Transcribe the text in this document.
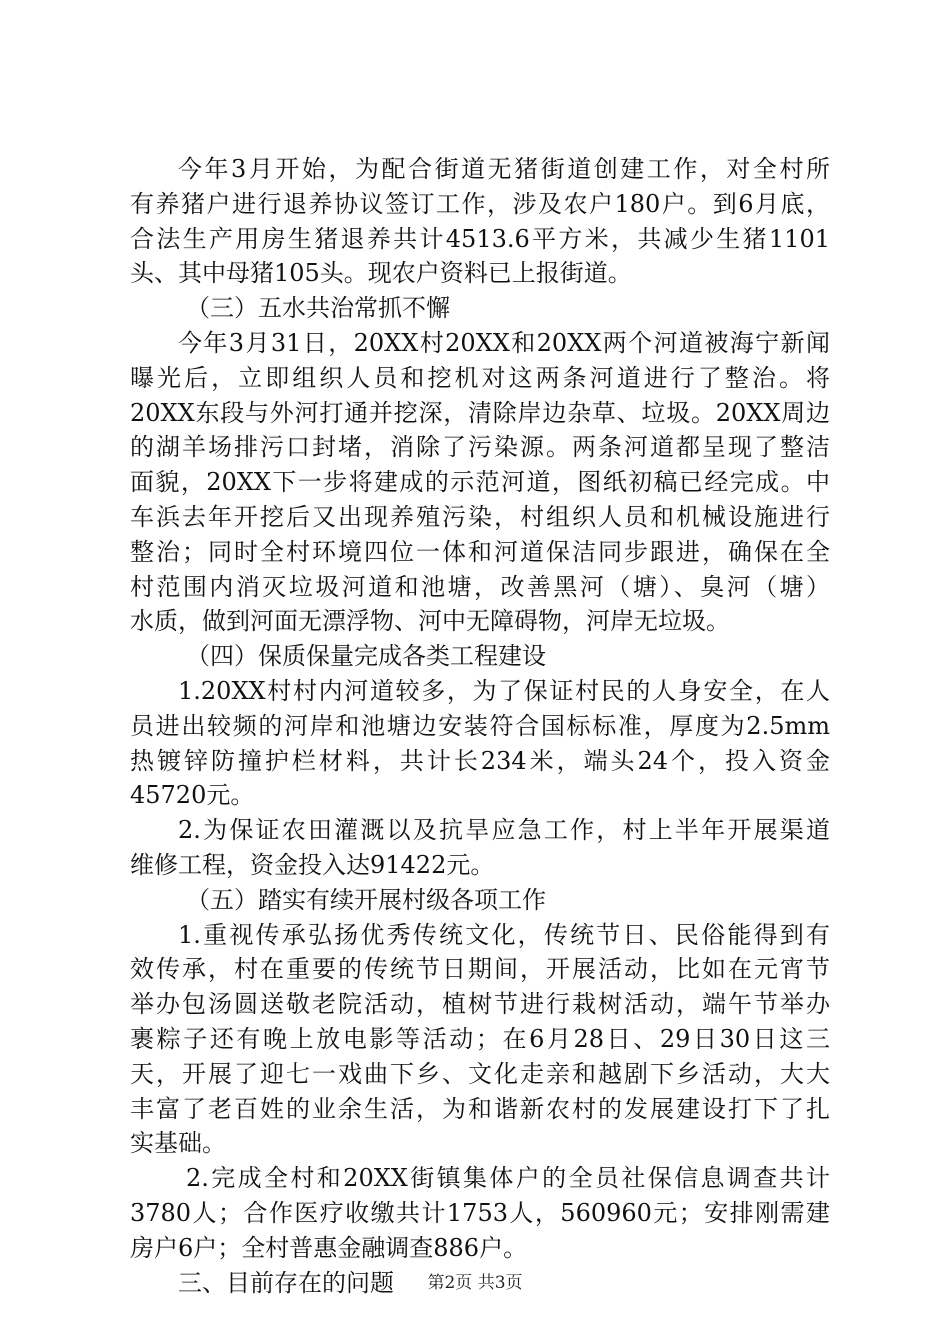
今年3月开始，为配合街道无猪街道创建工作，对全村所
有养猪户进行退养协议签订工作，涉及农户180户。到6月底，
合法生产用房生猪退养共计4513.6平方米，共减少生猪1101
头、其中母猪105头。现农户资料已上报街道。
（三）五水共治常抓不懈
今年3月31日，20XX村20XX和20XX两个河道被海宁新闻
曝光后，立即组织人员和挖机对这两条河道进行了整治。将
20XX东段与外河打通并挖深，清除岸边杂草、垃圾。20XX周边
的湖羊场排污口封堵，消除了污染源。两条河道都呈现了整洁
面貌，20XX下一步将建成的示范河道，图纸初稿已经完成。中
车浜去年开挖后又出现养殖污染，村组织人员和机械设施进行
整治；同时全村环境四位一体和河道保洁同步跟进，确保在全
村范围内消灭垃圾河道和池塘，改善黑河（塘）、臭河（塘）
水质，做到河面无漂浮物、河中无障碍物，河岸无垃圾。
（四）保质保量完成各类工程建设
1.20XX村村内河道较多，为了保证村民的人身安全，在人
员进出较频的河岸和池塘边安装符合国标标准，厚度为2.5mm
热镀锌防撞护栏材料，共计长234米，端头24个，投入资金
45720元。
2.为保证农田灌溉以及抗旱应急工作，村上半年开展渠道
维修工程，资金投入达91422元。
（五）踏实有续开展村级各项工作
1.重视传承弘扬优秀传统文化，传统节日、民俗能得到有
效传承，村在重要的传统节日期间，开展活动，比如在元宵节
举办包汤圆送敬老院活动，植树节进行栽树活动，端午节举办
裹粽子还有晚上放电影等活动；在6月28日、29日30日这三
天，开展了迎七一戏曲下乡、文化走亲和越剧下乡活动，大大
丰富了老百姓的业余生活，为和谐新农村的发展建设打下了扎
实基础。
2.完成全村和20XX街镇集体户的全员社保信息调查共计
3780人；合作医疗收缴共计1753人，560960元；安排刚需建
房户6户；全村普惠金融调查886户。
三、目前存在的问题	第2页 共3页
